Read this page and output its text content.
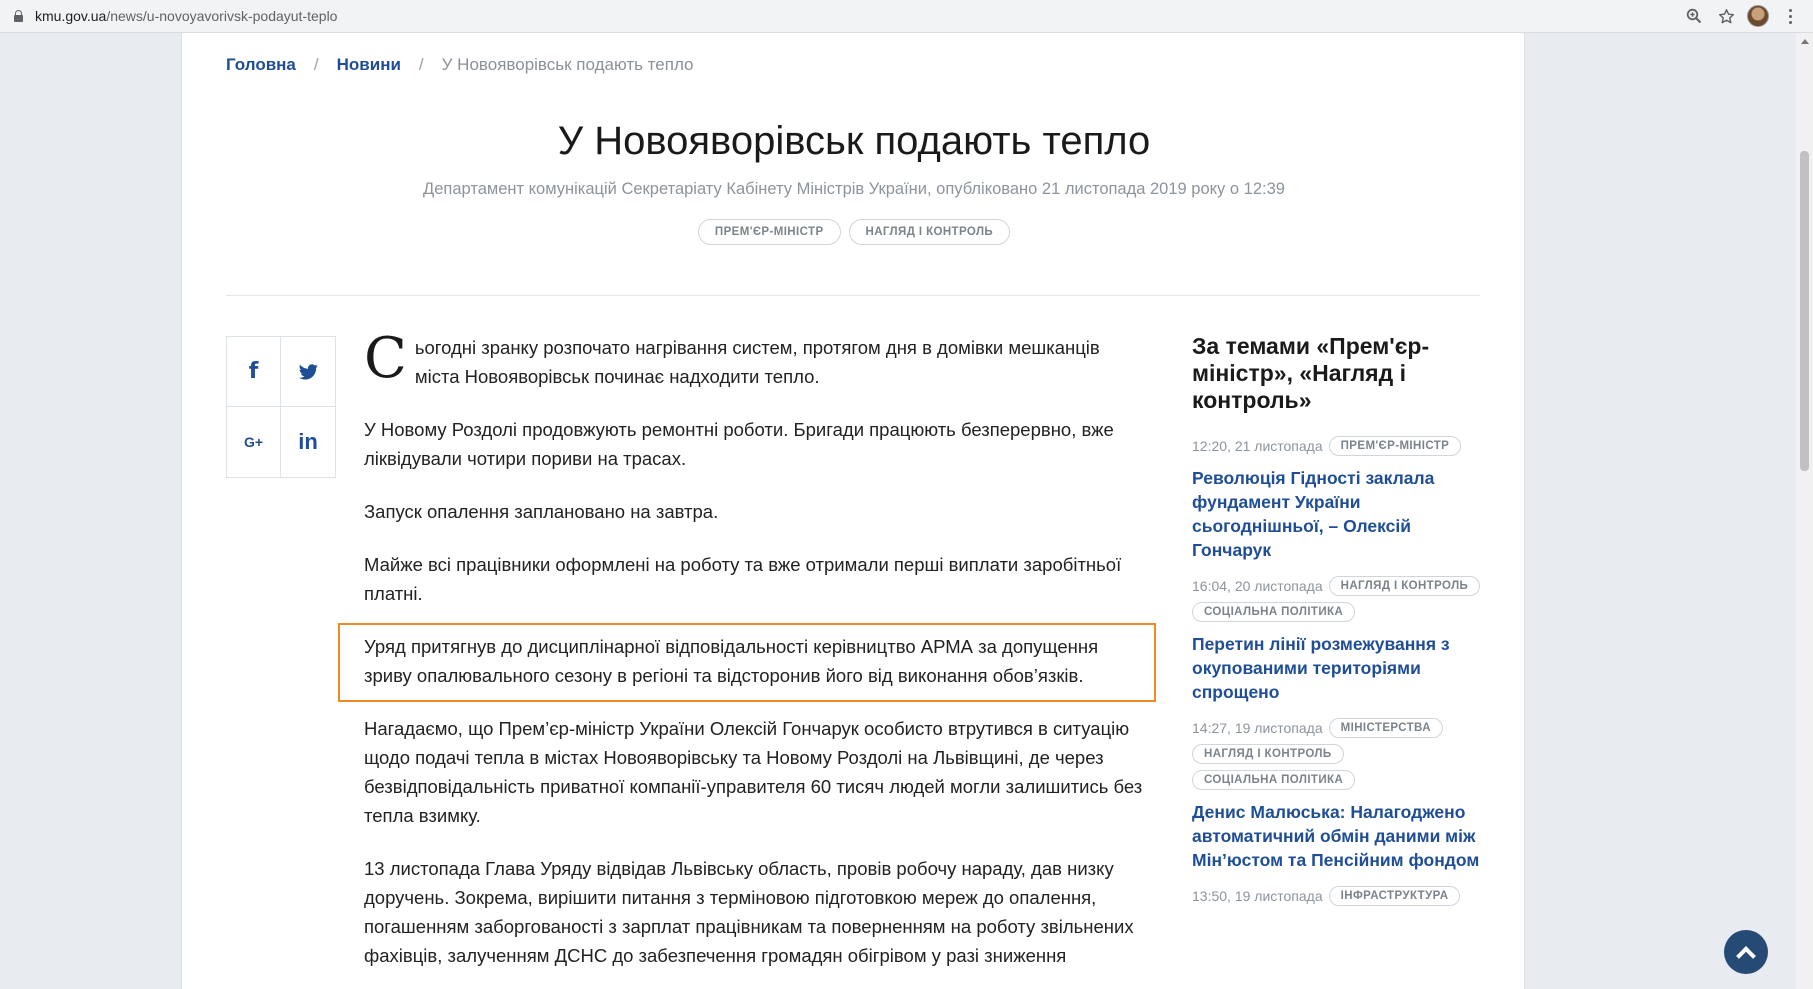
kmu.gov.ua/news/u-novoyavorivsk-podayut-teplo
Головна / Новини / У Новояворівськ подають тепло
У Новояворівськ подають тепло
Департамент комунікацій Секретаріату Кабінету Міністрів України, опубліковано 21 листопада 2019 року о 12:39
ПРЕМ'ЄР-МІНІСТР	НАГЛЯД І КОНТРОЛЬ
f
G+ in

Сьогодні зранку розпочато нагрівання систем, протягом дня в домівки мешканців міста Новояворівськ починає надходити тепло.

У Новому Роздолі продовжують ремонтні роботи. Бригади працюють безперервно, вже ліквідували чотири пориви на трасах.

Запуск опалення заплановано на завтра.

Майже всі працівники оформлені на роботу та вже отримали перші виплати заробітньої платні.

Уряд притягнув до дисциплінарної відповідальності керівництво АРМА за допущення зриву опалювального сезону в регіоні та відсторонив його від виконання обов’язків.

Нагадаємо, що Прем’єр-міністр України Олексій Гончарук особисто втрутився в ситуацію щодо подачі тепла в містах Новояворівську та Новому Роздолі на Львівщині, де через безвідповідальність приватної компанії-управителя 60 тисяч людей могли залишитись без тепла взимку.

13 листопада Глава Уряду відвідав Львівську область, провів робочу нараду, дав низку доручень. Зокрема, вирішити питання з терміновою підготовкою мереж до опалення, погашенням заборгованості з зарплат працівникам та поверненням на роботу звільнених фахівців, залученням ДСНС до забезпечення громадян обігрівом у разі зниження

За темами «Прем'єр-міністр», «Нагляд і контроль»
12:20, 21 листопада	ПРЕМ'ЄР-МІНІСТР
Революція Гідності заклала фундамент України сьогоднішньої, – Олексій Гончарук
16:04, 20 листопада	НАГЛЯД І КОНТРОЛЬ
СОЦІАЛЬНА ПОЛІТИКА
Перетин лінії розмежування з окупованими територіями спрощено
14:27, 19 листопада	МІНІСТЕРСТВА
НАГЛЯД І КОНТРОЛЬ
СОЦІАЛЬНА ПОЛІТИКА
Денис Малюська: Налагоджено автоматичний обмін даними між Мін’юстом та Пенсійним фондом
13:50, 19 листопада	ІНФРАСТРУКТУРА
